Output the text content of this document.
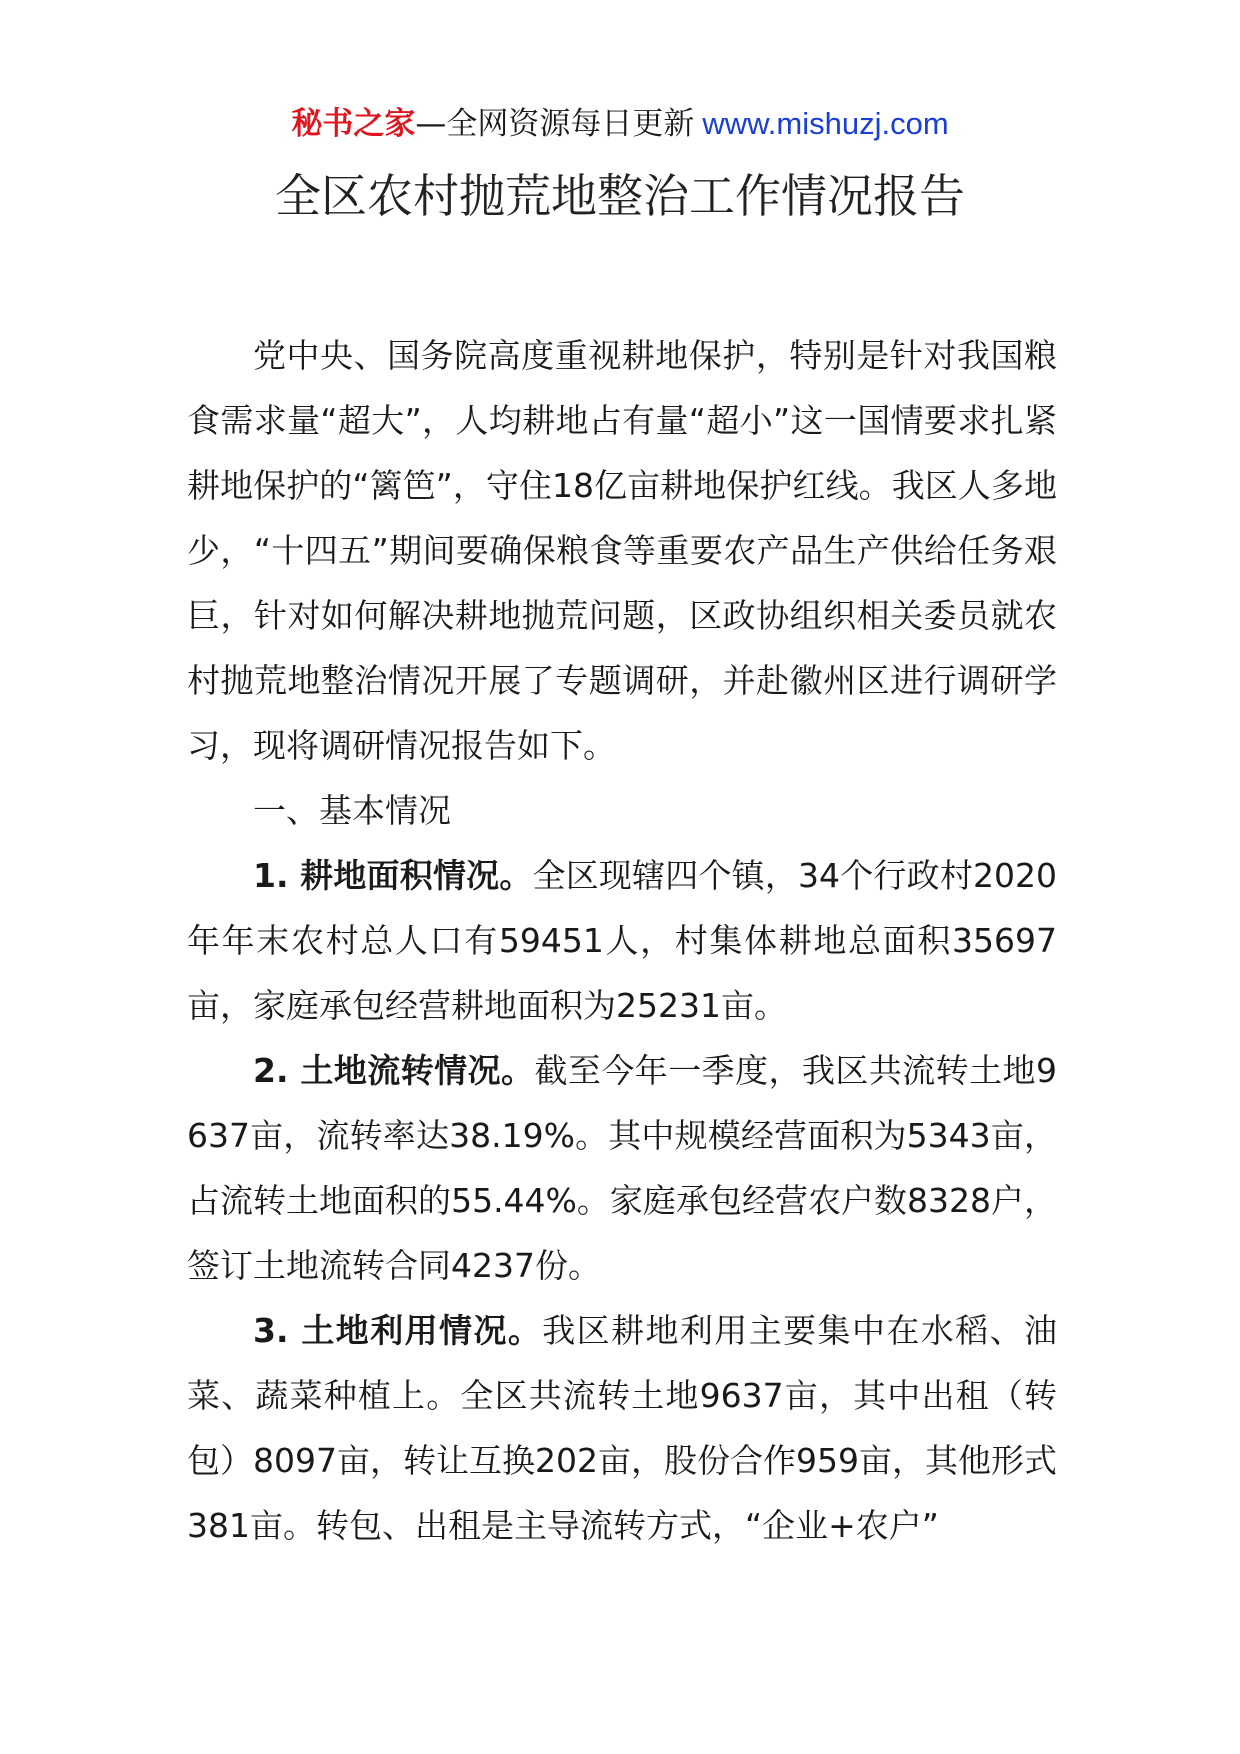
秘书之家—全网资源每日更新 www.mishuzj.com
全区农村抛荒地整治工作情况报告

党中央、国务院高度重视耕地保护，特别是针对我国粮食需求量“超大”，人均耕地占有量“超小”这一国情要求扎紧耕地保护的“篱笆”，守住18亿亩耕地保护红线。我区人多地少，“十四五”期间要确保粮食等重要农产品生产供给任务艰巨，针对如何解决耕地抛荒问题，区政协组织相关委员就农村抛荒地整治情况开展了专题调研，并赴徽州区进行调研学习，现将调研情况报告如下。

一、基本情况

1. 耕地面积情况。全区现辖四个镇，34个行政村2020年年末农村总人口有59451人，村集体耕地总面积35697亩，家庭承包经营耕地面积为25231亩。

2. 土地流转情况。截至今年一季度，我区共流转土地9637亩，流转率达38.19%。其中规模经营面积为5343亩，占流转土地面积的55.44%。家庭承包经营农户数8328户，签订土地流转合同4237份。

3. 土地利用情况。我区耕地利用主要集中在水稻、油菜、蔬菜种植上。全区共流转土地9637亩，其中出租（转包）8097亩，转让互换202亩，股份合作959亩，其他形式381亩。转包、出租是主导流转方式，“企业+农户”
